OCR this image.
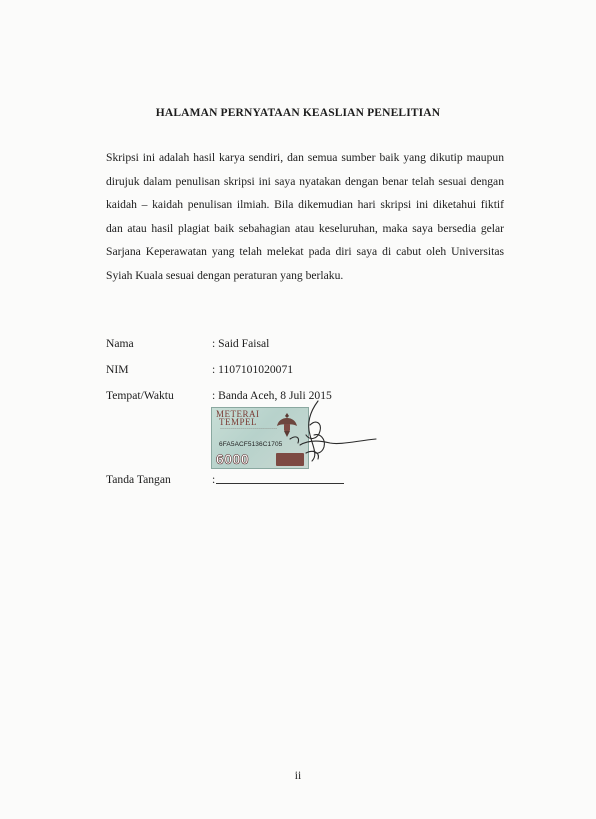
HALAMAN PERNYATAAN KEASLIAN PENELITIAN

Skripsi ini adalah hasil karya sendiri, dan semua sumber baik yang dikutip maupun
dirujuk dalam penulisan skripsi ini saya nyatakan dengan benar telah sesuai dengan
kaidah – kaidah penulisan ilmiah. Bila dikemudian hari skripsi ini diketahui fiktif
dan atau hasil plagiat baik sebahagian atau keseluruhan, maka saya bersedia gelar
Sarjana Keperawatan yang telah melekat pada diri saya di cabut oleh Universitas
Syiah Kuala sesuai dengan peraturan yang berlaku.

Nama	: Said Faisal
NIM	: 1107101020071
Tempat/Waktu	: Banda Aceh, 8 Juli 2015
METERAI
TEMPEL
~~~~~~~~~~~~~~~~~~~~~~~~~~~~
6FA5ACF5136C1705
6000
Tanda Tangan	:
ii
